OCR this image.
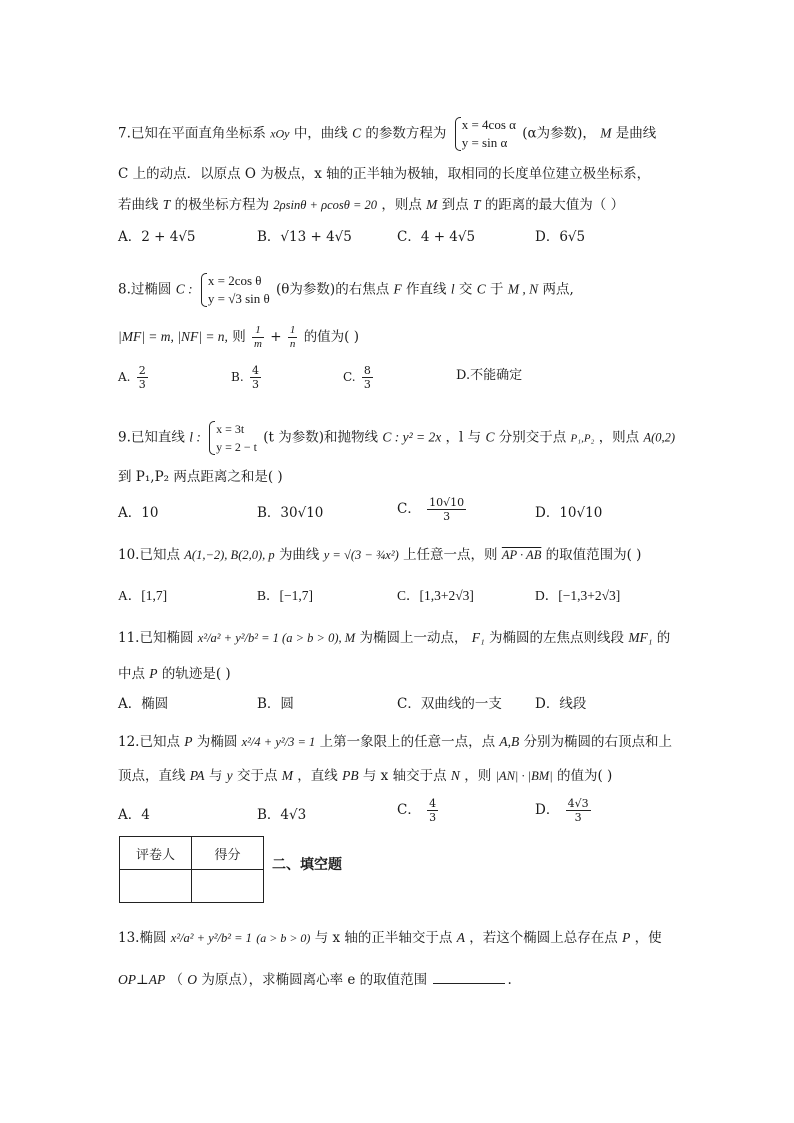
7.已知在平面直角坐标系 xOy 中，曲线 C 的参数方程为
x = 4cos α
y = sin α
(α为参数)， M 是曲线
C 上的动点．以原点 O 为极点，x 轴的正半轴为极轴，取相同的长度单位建立极坐标系，
若曲线 T 的极坐标方程为 2ρsinθ + ρcosθ = 20 ，则点 M 到点 T 的距离的最大值为（ ）
A．2 + 4√5	B．√13 + 4√5	C．4 + 4√5	D．6√5
8.过椭圆 C :
x = 2cos θ
y = √3 sin θ
(θ为参数)的右焦点 F 作直线 l 交 C 于 M , N 两点,
|MF| = m, |NF| = n, 则 $\frac{1}{m} + \frac{1}{n}$ 的值为( )
A. $\frac{2}{3}$	B. $\frac{4}{3}$	C. $\frac{8}{3}$	D.不能确定
9.已知直线 l :
x = 3t
y = 2 − t
(t 为参数)和抛物线 C : y² = 2x ，l 与 C 分别交于点 P₁,P₂ ，则点 A(0,2)
到 P₁,P₂ 两点距离之和是( )
A．10	B．30√10	C． $\frac{10√10}{3}$	D．10√10
10.已知点 A(1,−2), B(2,0), p 为曲线 y = √(3 − ¾x²) 上任意一点，则 AP · AB 的取值范围为( )
A．[1,7]	B．[−1,7]	C．[1,3+2√3]	D．[−1,3+2√3]
11.已知椭圆 x²/a² + y²/b² = 1 (a > b > 0), M 为椭圆上一动点， F₁ 为椭圆的左焦点则线段 MF₁ 的
中点 P 的轨迹是( )
A．椭圆	B．圆	C．双曲线的一支 D．线段
12.已知点 P 为椭圆 x²/4 + y²/3 = 1 上第一象限上的任意一点，点 A,B 分别为椭圆的右顶点和上
顶点，直线 PA 与 y 交于点 M ，直线 PB 与 x 轴交于点 N ，则 |AN| · |BM| 的值为( )
A．4	B．4√3	C． $\frac{4}{3}$	D． $\frac{4√3}{3}$
评卷人	得分

二、填空题
13.椭圆 x²/a² + y²/b² = 1 (a > b > 0) 与 x 轴的正半轴交于点 A ，若这个椭圆上总存在点 P ，使
OP⊥AP （ O 为原点），求椭圆离心率 e 的取值范围	.
